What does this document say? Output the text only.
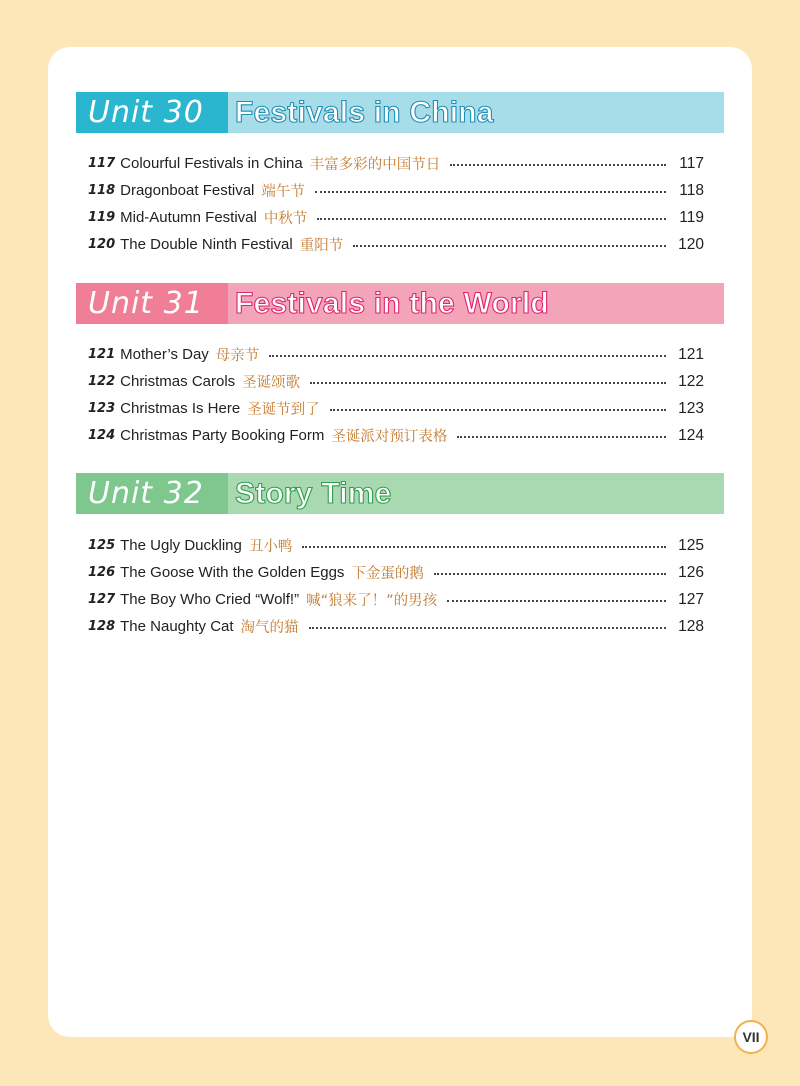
Unit 30	Festivals in China
117 Colourful Festivals in China 丰富多彩的中国节日	117
118 Dragonboat Festival 端午节	118
119 Mid-Autumn Festival 中秋节	119
120 The Double Ninth Festival 重阳节	120
Unit 31	Festivals in the World
121 Mother’s Day 母亲节	121
122 Christmas Carols 圣诞颂歌	122
123 Christmas Is Here 圣诞节到了	123
124 Christmas Party Booking Form 圣诞派对预订表格	124
Unit 32	Story Time
125 The Ugly Duckling 丑小鸭	125
126 The Goose With the Golden Eggs 下金蛋的鹅	126
127 The Boy Who Cried “Wolf!” 喊“狼来了！”的男孩	127
128 The Naughty Cat 淘气的猫	128
VII
